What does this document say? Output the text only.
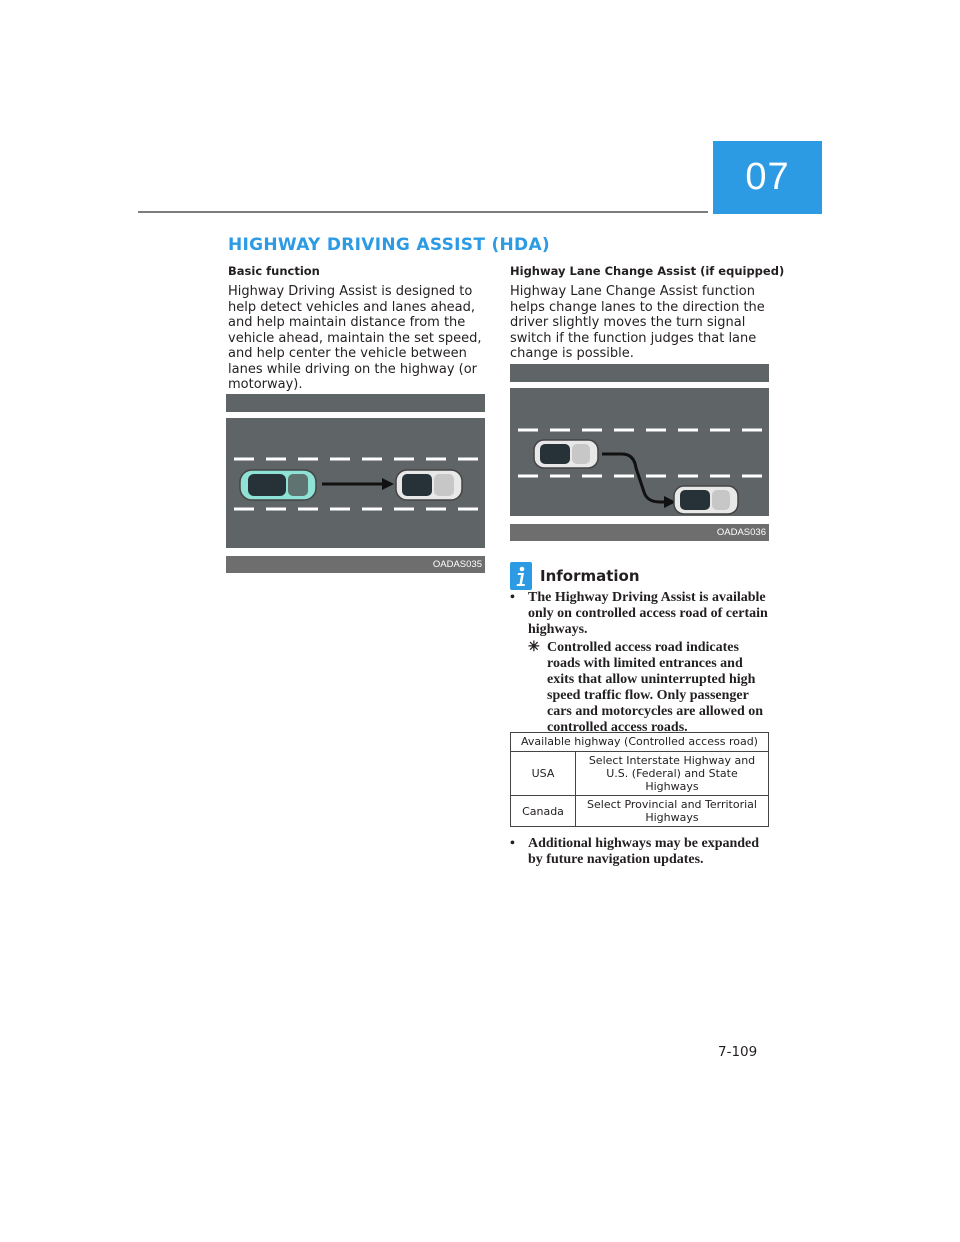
07
HIGHWAY DRIVING ASSIST (HDA)

Basic function

Highway Driving Assist is designed to help detect vehicles and lanes ahead, and help maintain distance from the vehicle ahead, maintain the set speed, and help center the vehicle between lanes while driving on the highway (or motorway).

OADAS035

Highway Lane Change Assist (if equipped)

Highway Lane Change Assist function helps change lanes to the direction the driver slightly moves the turn signal switch if the function judges that lane change is possible.

OADAS036
Information
• The Highway Driving Assist is available only on controlled access road of certain highways.
✳ Controlled access road indicates roads with limited entrances and exits that allow uninterrupted high speed traffic flow. Only passenger cars and motorcycles are allowed on controlled access roads.
Available highway (Controlled access road)	
USA	Select Interstate Highway and U.S. (Federal) and State Highways
Canada	Select Provincial and Territorial Highways
• Additional highways may be expanded by future navigation updates.
7-109
